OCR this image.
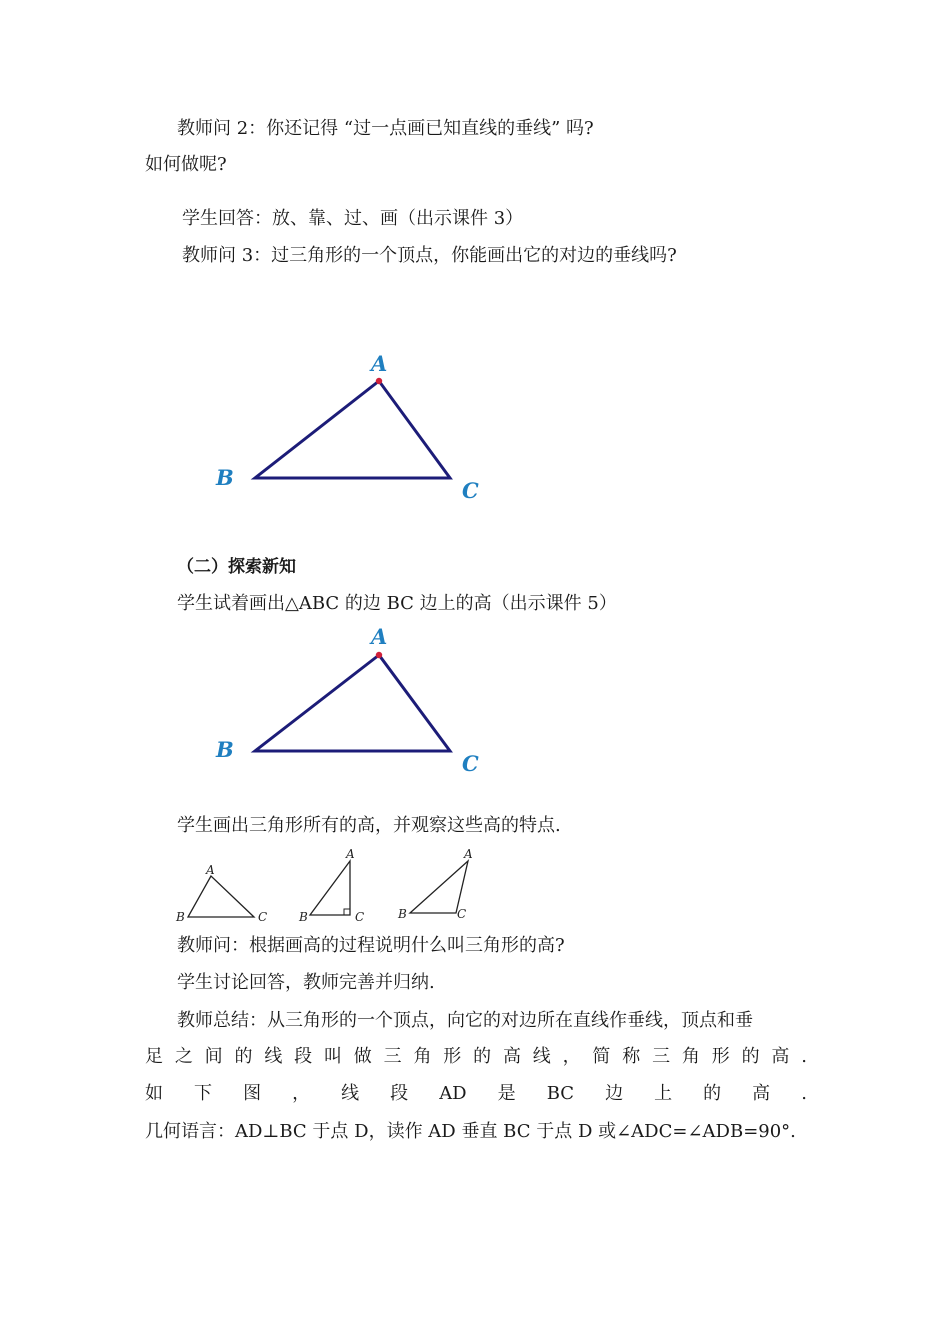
教师问 2：你还记得 “过一点画已知直线的垂线” 吗?
如何做呢?
学生回答：放、靠、过、画（出示课件 3）
教师问 3：过三角形的一个顶点，你能画出它的对边的垂线吗?
A
B
C
（二）探索新知
学生试着画出△ABC 的边 BC 边上的高（出示课件 5）
A
B
C
学生画出三角形所有的高，并观察这些高的特点.
A
B	C
A
B	C
A
B	C
教师问：根据画高的过程说明什么叫三角形的高?
学生讨论回答，教师完善并归纳.
教师总结：从三角形的一个顶点，向它的对边所在直线作垂线，顶点和垂
足 之 间 的 线 段 叫 做 三 角 形 的 高 线 ， 简 称 三 角 形 的 高 .
如 下 图 ， 线 段 AD 是 BC 边 上 的 高 .
几何语言：AD⊥BC 于点 D，读作 AD 垂直 BC 于点 D 或∠ADC=∠ADB=90°.
